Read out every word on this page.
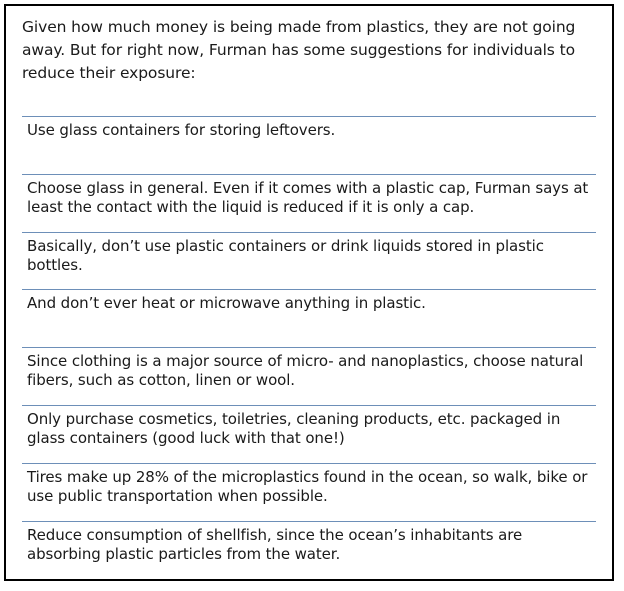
Given how much money is being made from plastics, they are not going away. But for right now, Furman has some suggestions for individuals to reduce their exposure:

Use glass containers for storing leftovers.
Choose glass in general. Even if it comes with a plastic cap, Furman says at least the contact with the liquid is reduced if it is only a cap.
Basically, don’t use plastic containers or drink liquids stored in plastic bottles.
And don’t ever heat or microwave anything in plastic.
Since clothing is a major source of micro- and nanoplastics, choose natural fibers, such as cotton, linen or wool.
Only purchase cosmetics, toiletries, cleaning products, etc. packaged in glass containers (good luck with that one!)
Tires make up 28% of the microplastics found in the ocean, so walk, bike or use public transportation when possible.
Reduce consumption of shellfish, since the ocean’s inhabitants are absorbing plastic particles from the water.
